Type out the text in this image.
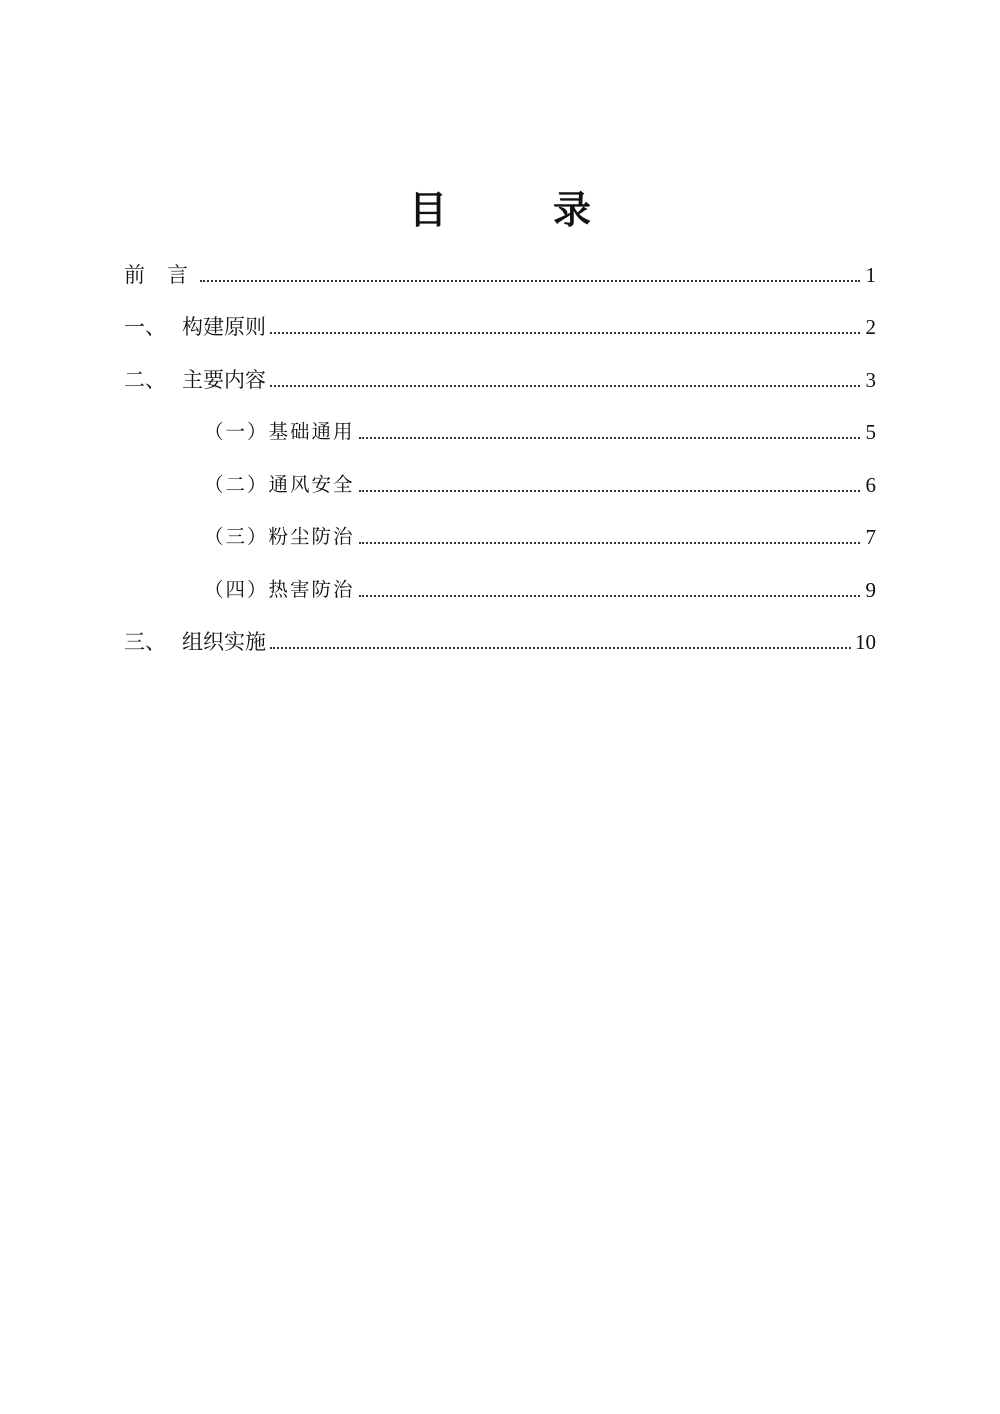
目　录
前言	1
一、 构建原则	2
二、 主要内容	3
（一） 基础通用	5
（二） 通风安全	6
（三） 粉尘防治	7
（四） 热害防治	9
三、 组织实施	10
